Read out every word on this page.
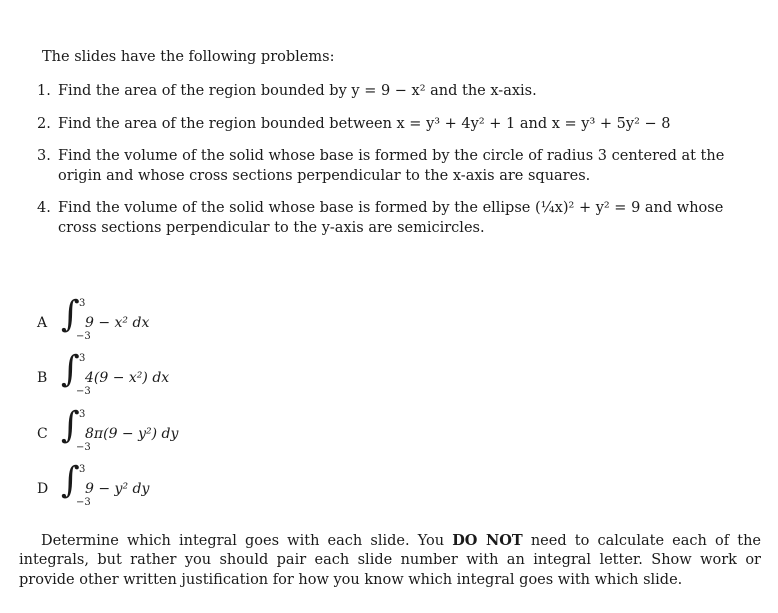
The slides have the following problems:

1. Find the area of the region bounded by y = 9 − x² and the x-axis.
2. Find the area of the region bounded between x = y³ + 4y² + 1 and x = y³ + 5y² − 8
3. Find the volume of the solid whose base is formed by the circle of radius 3 centered at the origin and whose cross sections perpendicular to the x-axis are squares.
4. Find the volume of the solid whose base is formed by the ellipse (¼x)² + y² = 9 and whose cross sections perpendicular to the y-axis are semicircles.
A ∫ 3
−3
9 − x² dx
B ∫ 3
−3
4(9 − x²) dx
C ∫ 3
−3
8π(9 − y²) dy
D ∫ 3
−3
9 − y² dy

Determine which integral goes with each slide. You DO NOT need to calculate each of the integrals, but rather you should pair each slide number with an integral letter. Show work or provide other written justification for how you know which integral goes with which slide.
